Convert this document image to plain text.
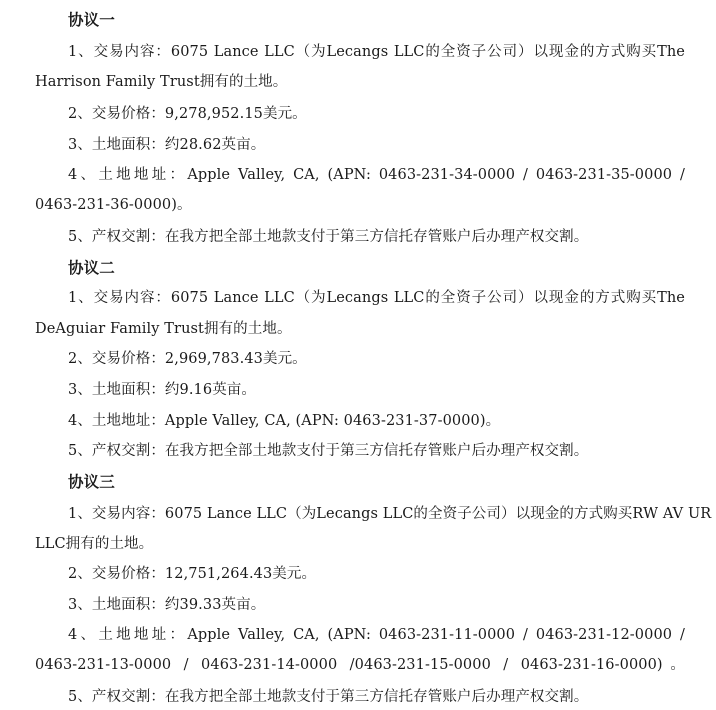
协议一
1、交易内容：6075 Lance LLC（为Lecangs LLC的全资子公司）以现金的方式购买The
Harrison Family Trust拥有的土地。
2、交易价格：9,278,952.15美元。
3、土地面积：约28.62英亩。
4、土地地址：Apple Valley, CA, (APN: 0463-231-34-0000 / 0463-231-35-0000 /
0463-231-36-0000)。
5、产权交割：在我方把全部土地款支付于第三方信托存管账户后办理产权交割。
协议二
1、交易内容：6075 Lance LLC（为Lecangs LLC的全资子公司）以现金的方式购买The
DeAguiar Family Trust拥有的土地。
2、交易价格：2,969,783.43美元。
3、土地面积：约9.16英亩。
4、土地地址：Apple Valley, CA, (APN: 0463-231-37-0000)。
5、产权交割：在我方把全部土地款支付于第三方信托存管账户后办理产权交割。
协议三
1、交易内容：6075 Lance LLC（为Lecangs LLC的全资子公司）以现金的方式购买RW AV UR
LLC拥有的土地。
2、交易价格：12,751,264.43美元。
3、土地面积：约39.33英亩。
4、土地地址：Apple Valley, CA, (APN: 0463-231-11-0000 / 0463-231-12-0000 /
0463-231-13-0000 / 0463-231-14-0000 /0463-231-15-0000 / 0463-231-16-0000)。
5、产权交割：在我方把全部土地款支付于第三方信托存管账户后办理产权交割。
